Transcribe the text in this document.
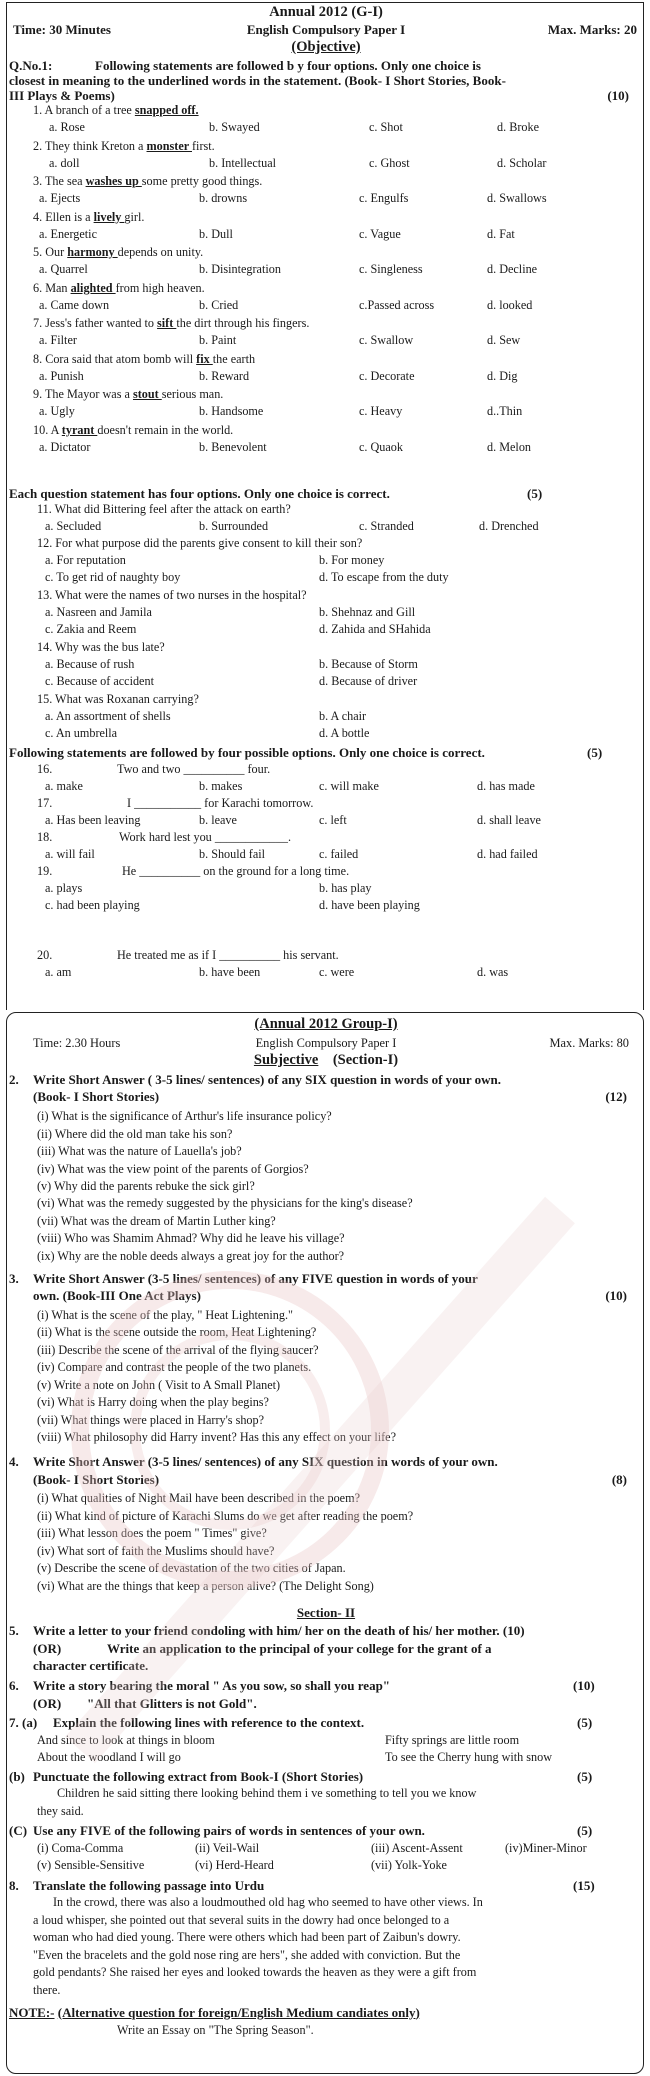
Annual 2012 (G-I)
Time: 30 Minutes	English Compulsory Paper I	Max. Marks: 20
(Objective)
Q.No.1:	Following statements are followed b y four options. Only one choice is
closest in meaning to the underlined words in the statement. (Book- I Short Stories, Book-
III Plays & Poems)	(10)
1. A branch of a tree snapped off.
a. Rose	b. Swayed	c. Shot	d. Broke
2. They think Kreton a monster first.
a. doll	b. Intellectual	c. Ghost	d. Scholar
3. The sea washes up some pretty good things.
a. Ejects	b. drowns	c. Engulfs	d. Swallows
4. Ellen is a lively girl.
a. Energetic	b. Dull	c. Vague	d. Fat
5. Our harmony depends on unity.
a. Quarrel	b. Disintegration	c. Singleness	d. Decline
6. Man alighted from high heaven.
a. Came down	b. Cried	c.Passed across	d. looked
7. Jess's father wanted to sift the dirt through his fingers.
a. Filter	b. Paint	c. Swallow	d. Sew
8. Cora said that atom bomb will fix the earth
a. Punish	b. Reward	c. Decorate	d. Dig
9. The Mayor was a stout serious man.
a. Ugly	b. Handsome	c. Heavy	d..Thin
10. A tyrant doesn't remain in the world.
a. Dictator	b. Benevolent	c. Quaok	d. Melon
Each question statement has four options. Only one choice is correct.	(5)
11. What did Bittering feel after the attack on earth?
a. Secluded	b. Surrounded	c. Stranded	d. Drenched
12. For what purpose did the parents give consent to kill their son?
a. For reputation	b. For money
c. To get rid of naughty boy	d. To escape from the duty
13. What were the names of two nurses in the hospital?
a. Nasreen and Jamila	b. Shehnaz and Gill
c. Zakia and Reem	d. Zahida and SHahida
14. Why was the bus late?
a. Because of rush	b. Because of Storm
c. Because of accident	d. Because of driver
15. What was Roxanan carrying?
a. An assortment of shells	b. A chair
c. An umbrella	d. A bottle
Following statements are followed by four possible options. Only one choice is correct.	(5)
16.	Two and two __________ four.
a. make	b. makes	c. will make	d. has made
17.	I ___________ for Karachi tomorrow.
a. Has been leaving	b. leave	c. left	d. shall leave
18.	Work hard lest you ____________.
a. will fail	b. Should fail	c. failed	d. had failed
20.	He treated me as if I __________ his servant.
a. am	b. have been	c. were	d. was
19.	He __________ on the ground for a long time.
a. plays	b. has play
c. had been playing	d. have been playing
(Annual 2012 Group-I)
Time: 2.30 Hours	English Compulsory Paper I	Max. Marks: 80
Subjective (Section-I)
2. Write Short Answer ( 3-5 lines/ sentences) of any SIX question in words of your own.
(Book- I Short Stories)	(12)
(i) What is the significance of Arthur's life insurance policy?
(ii) Where did the old man take his son?
(iii) What was the nature of Lauella's job?
(iv) What was the view point of the parents of Gorgios?
(v) Why did the parents rebuke the sick girl?
(vi) What was the remedy suggested by the physicians for the king's disease?
(vii) What was the dream of Martin Luther king?
(viii) Who was Shamim Ahmad? Why did he leave his village?
(ix) Why are the noble deeds always a great joy for the author?
3. Write Short Answer (3-5 lines/ sentences) of any FIVE question in words of your
own. (Book-III One Act Plays)	(10)
(i) What is the scene of the play, " Heat Lightening."
(ii) What is the scene outside the room, Heat Lightening?
(iii) Describe the scene of the arrival of the flying saucer?
(iv) Compare and contrast the people of the two planets.
(v) Write a note on John ( Visit to A Small Planet)
(vi) What is Harry doing when the play begins?
(vii) What things were placed in Harry's shop?
(viii) What philosophy did Harry invent? Has this any effect on your life?
4. Write Short Answer (3-5 lines/ sentences) of any SIX question in words of your own.
(Book- I Short Stories)	(8)
(i) What qualities of Night Mail have been described in the poem?
(ii) What kind of picture of Karachi Slums do we get after reading the poem?
(iii) What lesson does the poem " Times" give?
(iv) What sort of faith the Muslims should have?
(v) Describe the scene of devastation of the two cities of Japan.
(vi) What are the things that keep a person alive? (The Delight Song)
Section- II
5. Write a letter to your friend condoling with him/ her on the death of his/ her mother. (10)
(OR)	Write an application to the principal of your college for the grant of a
character certificate.
6. Write a story bearing the moral " As you sow, so shall you reap"	(10)
(OR) "All that Glitters is not Gold".
7. (a) Explain the following lines with reference to the context.	(5)
And since to look at things in bloom	Fifty springs are little room
About the woodland I will go	To see the Cherry hung with snow
(b) Punctuate the following extract from Book-I (Short Stories)	(5)
Children he said sitting there looking behind them i ve something to tell you we know
they said.
(C) Use any FIVE of the following pairs of words in sentences of your own.	(5)
(i) Coma-Comma	(ii) Veil-Wail	(iii) Ascent-Assent	(iv)Miner-Minor
(v) Sensible-Sensitive	(vi) Herd-Heard	(vii) Yolk-Yoke
8. Translate the following passage into Urdu	(15)
In the crowd, there was also a loudmouthed old hag who seemed to have other views. In
a loud whisper, she pointed out that several suits in the dowry had once belonged to a
woman who had died young. There were others which had been part of Zaibun's dowry.
"Even the bracelets and the gold nose ring are hers", she added with conviction. But the
gold pendants? She raised her eyes and looked towards the heaven as they were a gift from
there.
NOTE:- (Alternative question for foreign/English Medium candiates only)
Write an Essay on "The Spring Season".
